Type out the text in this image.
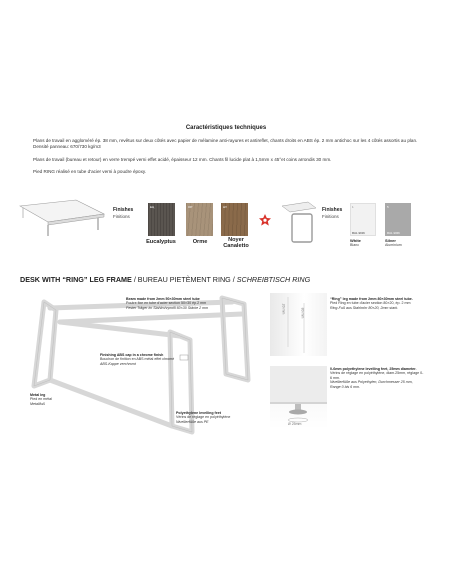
Caractéristiques techniques
Plans de travail en aggloméré ép. 38 mm, revêtus sur deux côtés avec papier de mélamine anti-rayures et antireflet, chants droits en ABS ép. 2 mm antichoc sur les 4 côtés assortis au plan. Densité panneau: 670/730 kg/m3
Plans de travail (bureau et retour) en verre trempé verni effet acidé, épaisseur 12 mm. Chants fil lucide plat à 1,5mm x 45°et coins arrondis 30 mm.
Pied RING réalisé en tube d'acier verni à poudre époxy.
Finishes
Finitions
ЕЦ	ОР	НУ
Eucalyptus	Orme	Noyer Canaletto
Finishes
Finitions
1
RAL 9016
5
RAL 9006
White
Blanc
Silver
Aluminium
DESK WITH “RING” LEG FRAME / BUREAU PIETÈMENT RING / SCHREIBTISCH RING
Beam made from 2mm 50×30mm steel tube
Poutre fixe en tube d'acier section 50×30 ép.2 mm
Fester Träger im Stahlrohrprofil 60×30 Stärke 2 mm
Finishing ABS cap in a chrome finish
Bouchon de finition en ABS métal effet chromé
ABS-Kappe verchromt
Metal leg
Pied en métal
Metallfuß
Polyethylene levelling feet
Vérins de réglage en polyéthylène
Nivellierfüße aus PE
20 mm	80 mm
“Ring” leg made from 2mm 80×30mm steel tube.
Pied Ring en tube d'acier section 80×20, ép. 2 mm
Ring-Fuß aus Stahlrohr 80×20, 2mm stark.
Ø 25mm
0-6mm polyethylene levelling feet, 25mm diameter.
Vérins de réglage en polyéthylène, diam.25mm, réglage 0-6 mm.
Nivellierfüße aus Polyethylen, Durchmesser 25 mm, Range 0 bis 6 mm.
